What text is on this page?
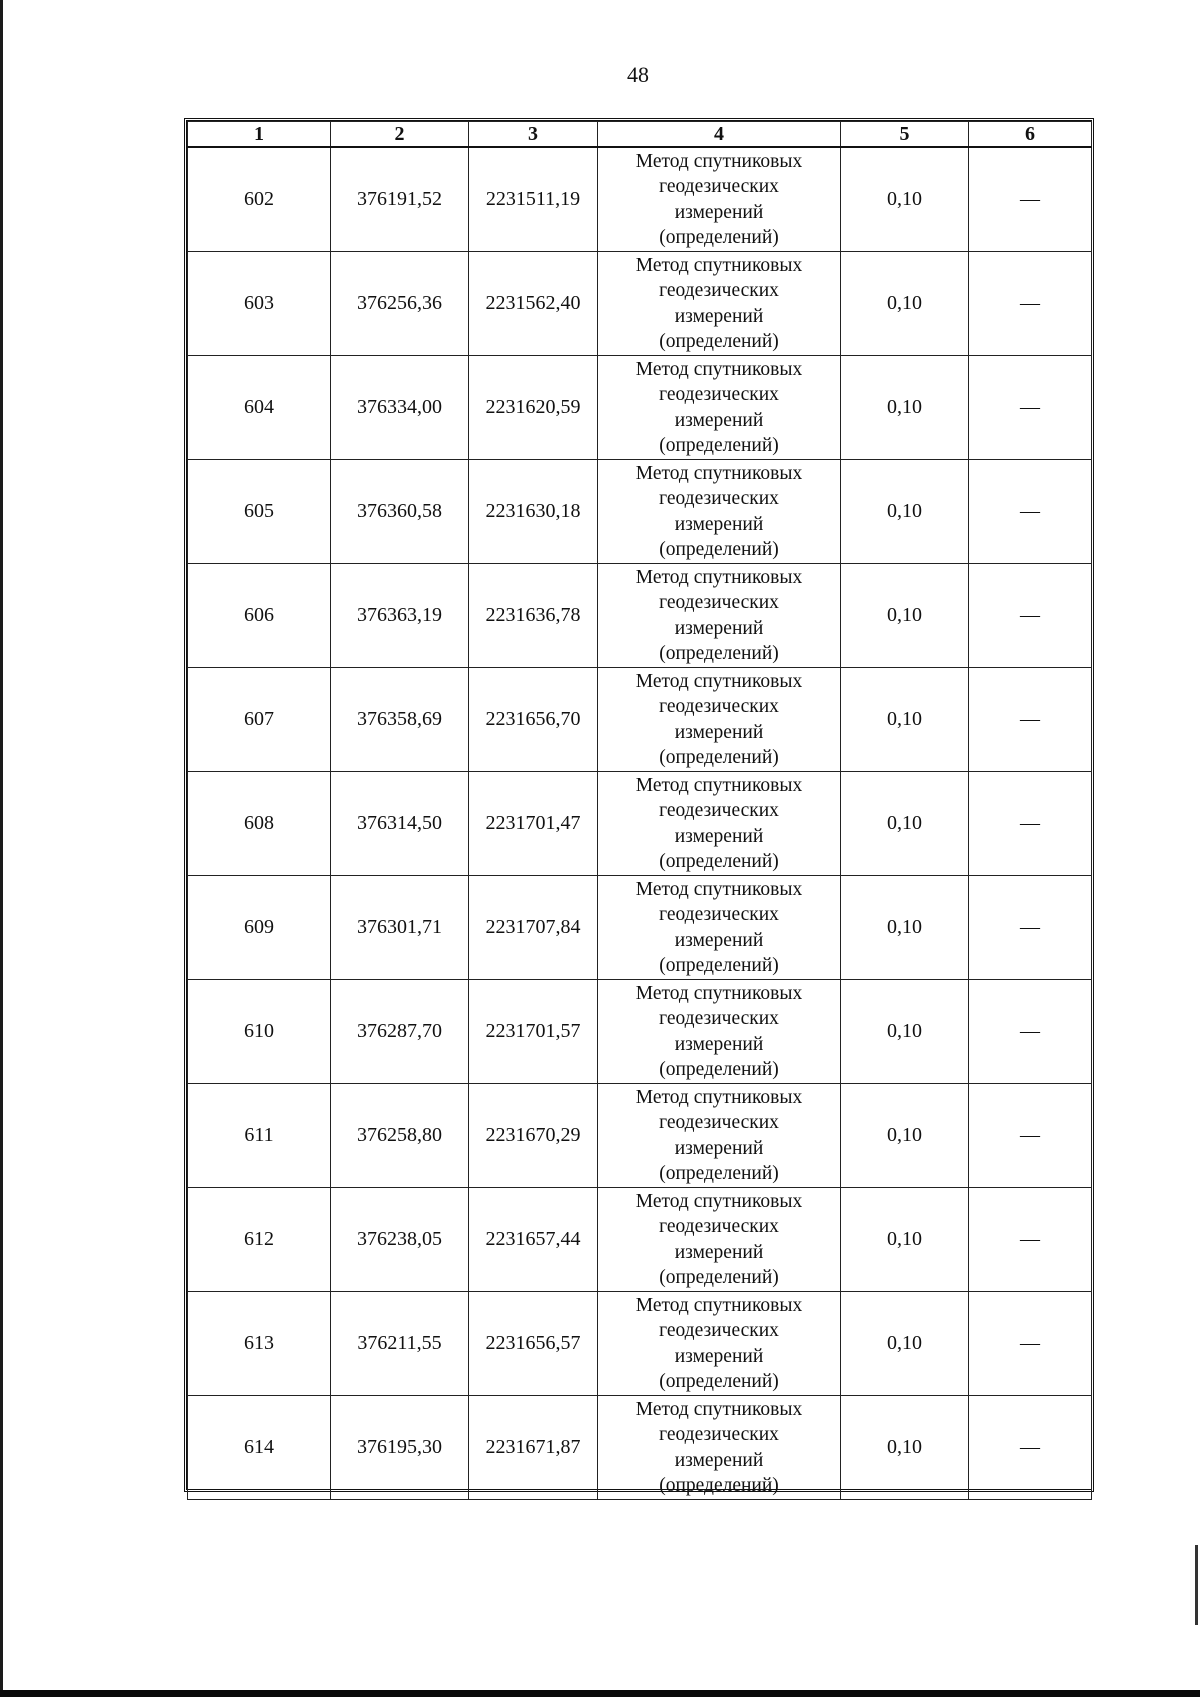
48
1	2	3	4	5	6
602	376191,52	2231511,19	Метод спутниковых
геодезических
измерений
(определений)	0,10	—
603	376256,36	2231562,40	Метод спутниковых
геодезических
измерений
(определений)	0,10	—
604	376334,00	2231620,59	Метод спутниковых
геодезических
измерений
(определений)	0,10	—
605	376360,58	2231630,18	Метод спутниковых
геодезических
измерений
(определений)	0,10	—
606	376363,19	2231636,78	Метод спутниковых
геодезических
измерений
(определений)	0,10	—
607	376358,69	2231656,70	Метод спутниковых
геодезических
измерений
(определений)	0,10	—
608	376314,50	2231701,47	Метод спутниковых
геодезических
измерений
(определений)	0,10	—
609	376301,71	2231707,84	Метод спутниковых
геодезических
измерений
(определений)	0,10	—
610	376287,70	2231701,57	Метод спутниковых
геодезических
измерений
(определений)	0,10	—
611	376258,80	2231670,29	Метод спутниковых
геодезических
измерений
(определений)	0,10	—
612	376238,05	2231657,44	Метод спутниковых
геодезических
измерений
(определений)	0,10	—
613	376211,55	2231656,57	Метод спутниковых
геодезических
измерений
(определений)	0,10	—
614	376195,30	2231671,87	Метод спутниковых
геодезических
измерений
(определений)	0,10	—
